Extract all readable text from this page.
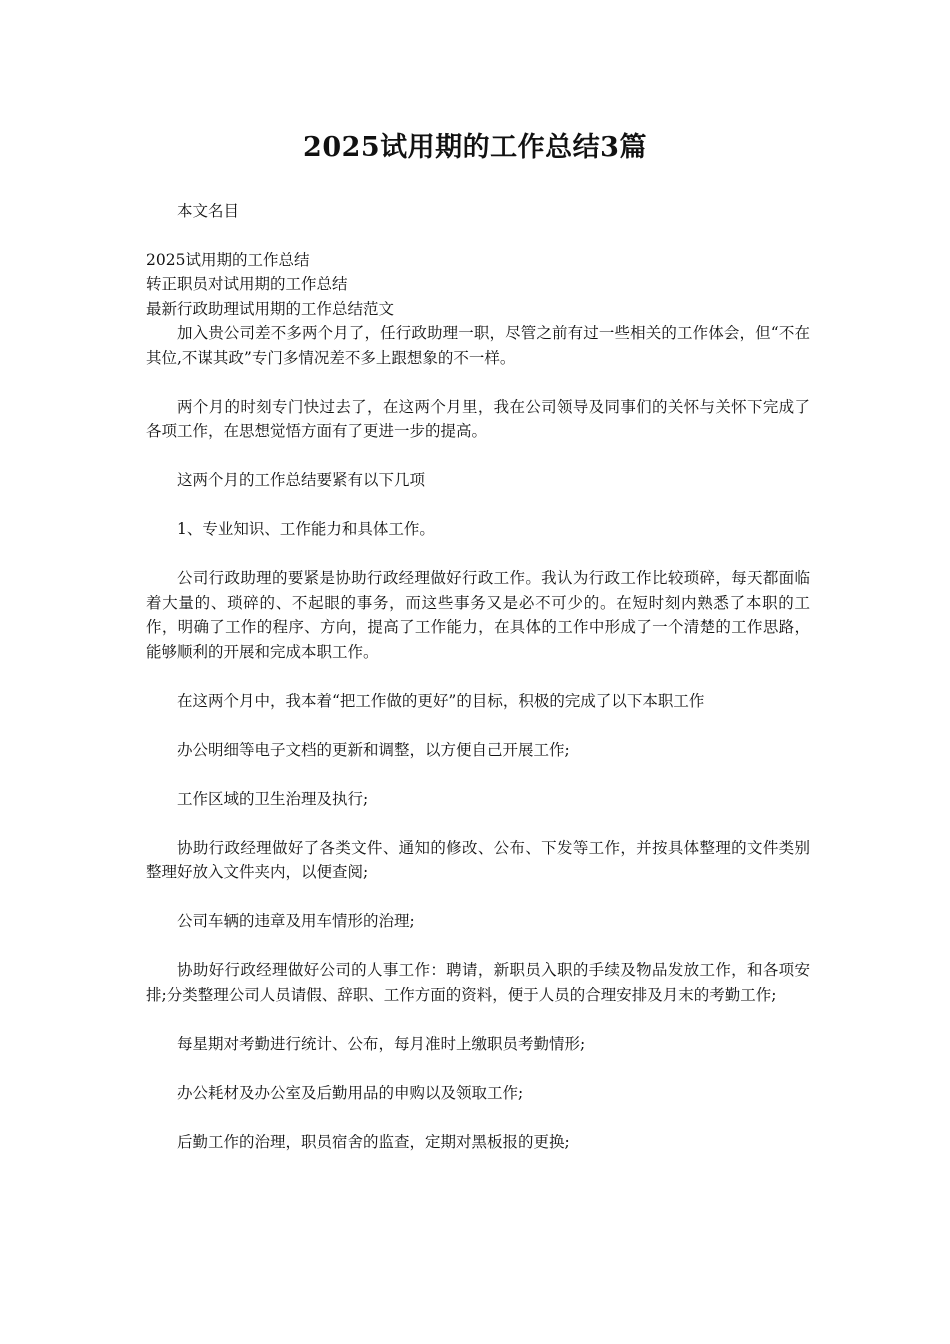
2025试用期的工作总结3篇

本文名目

2025试用期的工作总结

转正职员对试用期的工作总结

最新行政助理试用期的工作总结范文

加入贵公司差不多两个月了，任行政助理一职，尽管之前有过一些相关的工作体会，但“不在其位,不谋其政”专门多情况差不多上跟想象的不一样。

两个月的时刻专门快过去了，在这两个月里，我在公司领导及同事们的关怀与关怀下完成了各项工作，在思想觉悟方面有了更进一步的提高。

这两个月的工作总结要紧有以下几项

1、专业知识、工作能力和具体工作。

公司行政助理的要紧是协助行政经理做好行政工作。我认为行政工作比较琐碎，每天都面临着大量的、琐碎的、不起眼的事务，而这些事务又是必不可少的。在短时刻内熟悉了本职的工作，明确了工作的程序、方向，提高了工作能力，在具体的工作中形成了一个清楚的工作思路，能够顺利的开展和完成本职工作。

在这两个月中，我本着“把工作做的更好”的目标，积极的完成了以下本职工作

办公明细等电子文档的更新和调整，以方便自己开展工作;

工作区域的卫生治理及执行;

协助行政经理做好了各类文件、通知的修改、公布、下发等工作，并按具体整理的文件类别整理好放入文件夹内，以便查阅;

公司车辆的违章及用车情形的治理;

协助好行政经理做好公司的人事工作：聘请，新职员入职的手续及物品发放工作，和各项安排;分类整理公司人员请假、辞职、工作方面的资料，便于人员的合理安排及月末的考勤工作;

每星期对考勤进行统计、公布，每月准时上缴职员考勤情形;

办公耗材及办公室及后勤用品的申购以及领取工作;

后勤工作的治理，职员宿舍的监查，定期对黑板报的更换;
